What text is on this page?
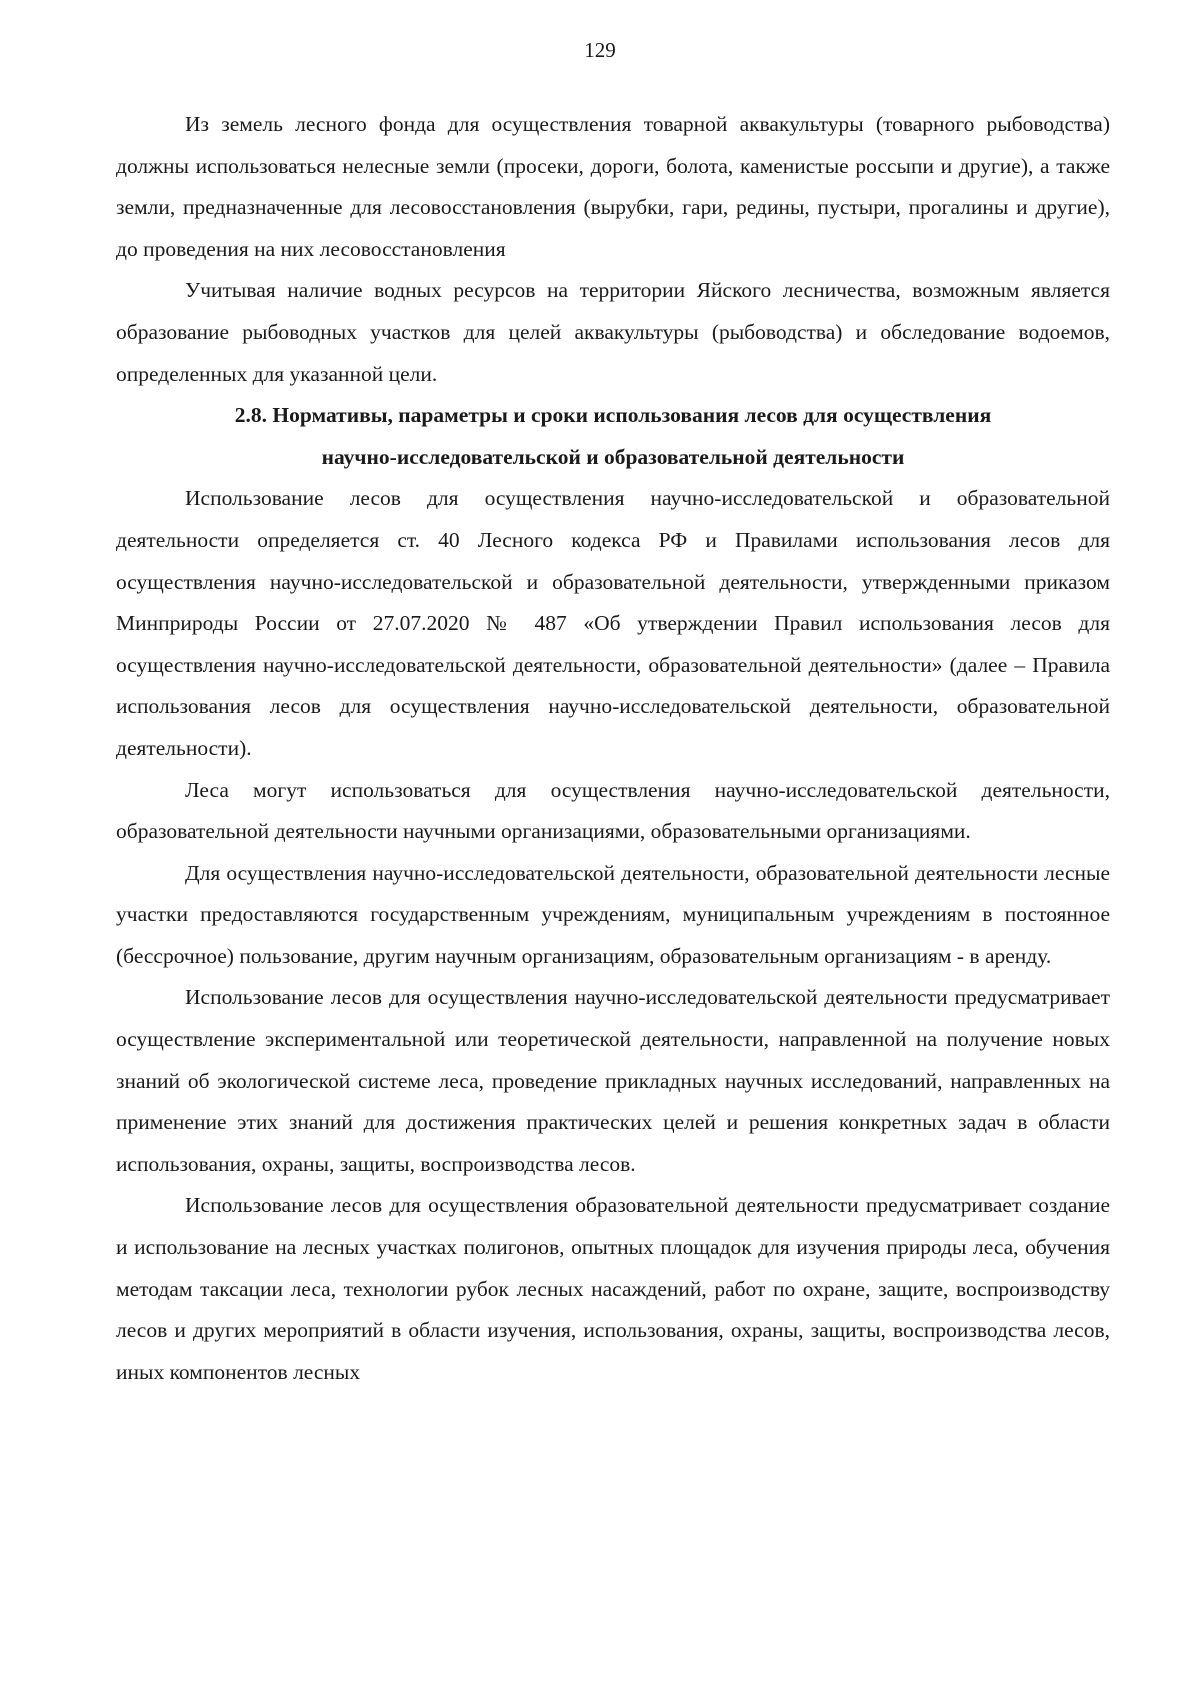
129

Из земель лесного фонда для осуществления товарной аквакультуры (товарного рыбоводства) должны использоваться нелесные земли (просеки, дороги, болота, каменистые россыпи и другие), а также земли, предназначенные для лесовосстановления (вырубки, гари, редины, пустыри, прогалины и другие), до проведения на них лесовосстановления

Учитывая наличие водных ресурсов на территории Яйского лесничества, возможным является образование рыбоводных участков для целей аквакультуры (рыбоводства) и обследование водоемов, определенных для указанной цели.

2.8. Нормативы, параметры и сроки использования лесов для осуществления
научно-исследовательской и образовательной деятельности

Использование лесов для осуществления научно-исследовательской и образовательной деятельности определяется ст. 40 Лесного кодекса РФ и Правилами использования лесов для осуществления научно-исследовательской и образовательной деятельности, утвержденными приказом Минприроды России от 27.07.2020 № 487 «Об утверждении Правил использования лесов для осуществления научно-исследовательской деятельности, образовательной деятельности» (далее – Правила использования лесов для осуществления научно-исследовательской деятельности, образовательной деятельности).

Леса могут использоваться для осуществления научно-исследовательской деятельности, образовательной деятельности научными организациями, образовательными организациями.

Для осуществления научно-исследовательской деятельности, образовательной деятельности лесные участки предоставляются государственным учреждениям, муниципальным учреждениям в постоянное (бессрочное) пользование, другим научным организациям, образовательным организациям - в аренду.

Использование лесов для осуществления научно-исследовательской деятельности предусматривает осуществление экспериментальной или теоретической деятельности, направленной на получение новых знаний об экологической системе леса, проведение прикладных научных исследований, направленных на применение этих знаний для достижения практических целей и решения конкретных задач в области использования, охраны, защиты, воспроизводства лесов.

Использование лесов для осуществления образовательной деятельности предусматривает создание и использование на лесных участках полигонов, опытных площадок для изучения природы леса, обучения методам таксации леса, технологии рубок лесных насаждений, работ по охране, защите, воспроизводству лесов и других мероприятий в области изучения, использования, охраны, защиты, воспроизводства лесов, иных компонентов лесных
